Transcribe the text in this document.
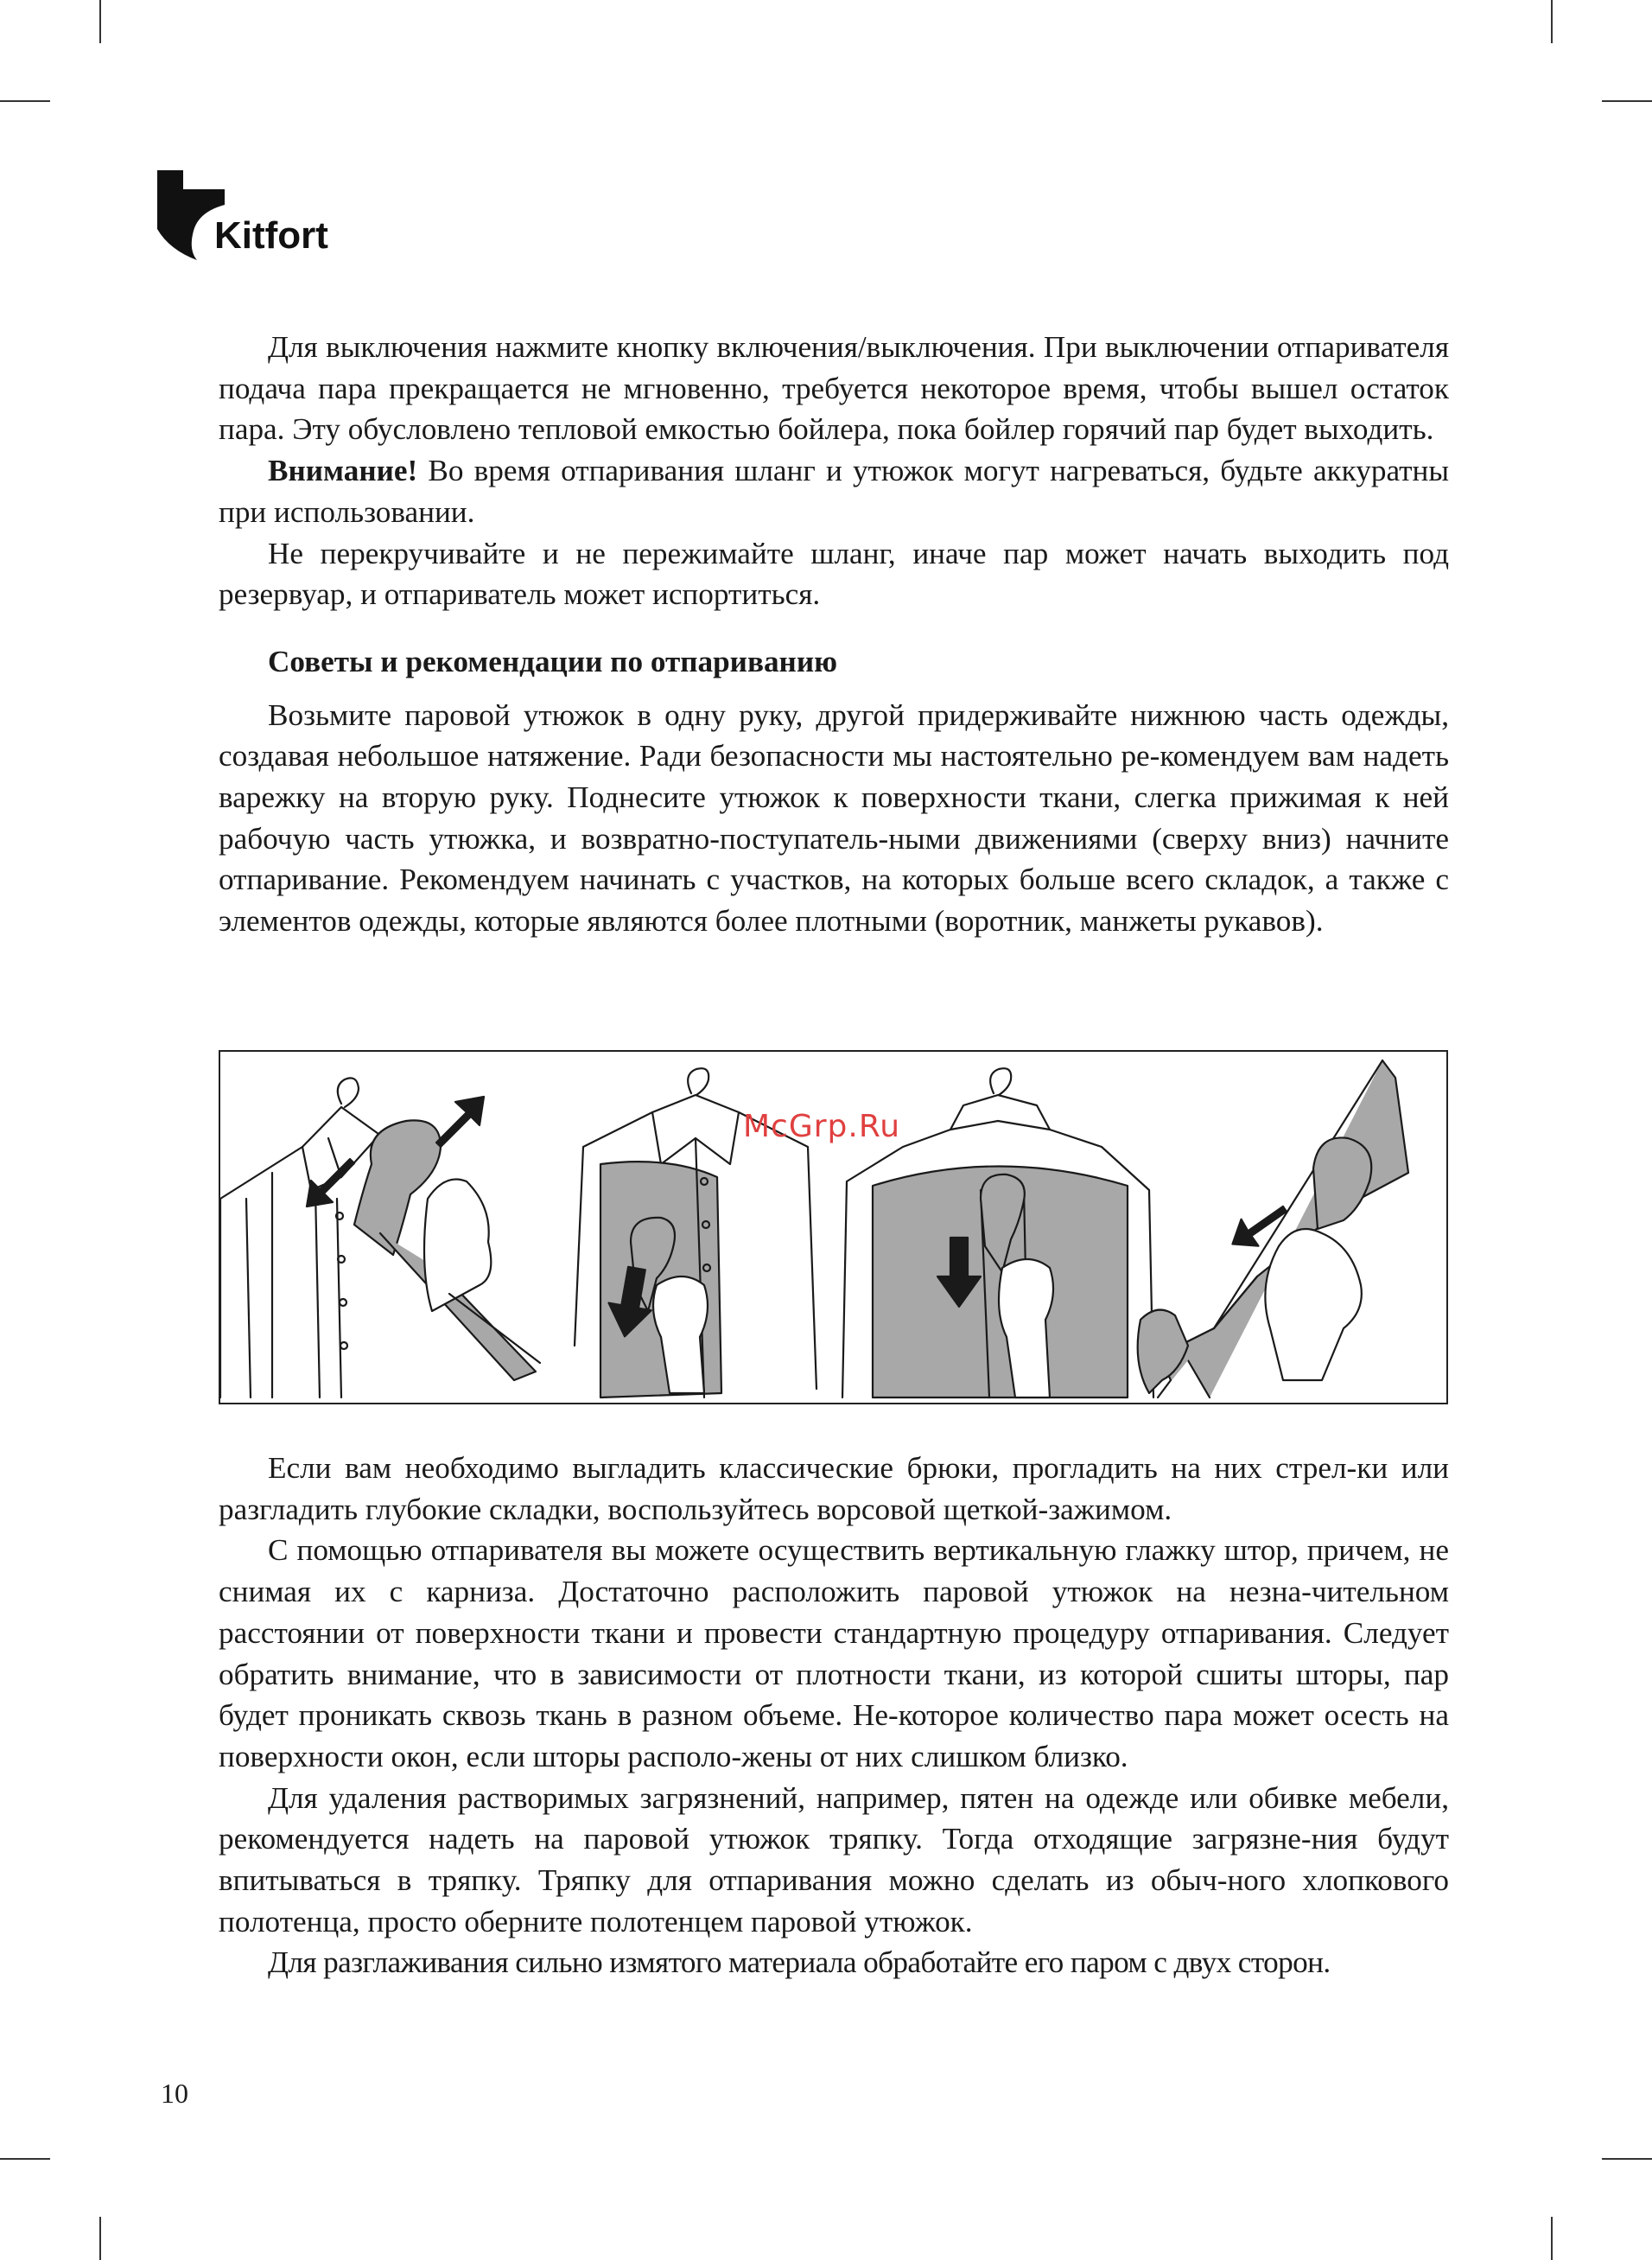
Kitfort

Для выключения нажмите кнопку включения/выключения. При выключении отпаривателя подача пара прекращается не мгновенно, требуется некоторое время, чтобы вышел остаток пара. Эту обусловлено тепловой емкостью бойлера, пока бойлер горячий пар будет выходить.

Внимание! Во время отпаривания шланг и утюжок могут нагреваться, будьте аккуратны при использовании.

Не перекручивайте и не пережимайте шланг, иначе пар может начать выходить под резервуар, и отпариватель может испортиться.

Советы и рекомендации по отпариванию

Возьмите паровой утюжок в одну руку, другой придерживайте нижнюю часть одежды, создавая небольшое натяжение. Ради безопасности мы настоятельно ре-комендуем вам надеть варежку на вторую руку. Поднесите утюжок к поверхности ткани, слегка прижимая к ней рабочую часть утюжка, и возвратно-поступатель-ными движениями (сверху вниз) начните отпаривание. Рекомендуем начинать с участков, на которых больше всего складок, а также с элементов одежды, которые являются более плотными (воротник, манжеты рукавов).

McGrp.Ru

Если вам необходимо выгладить классические брюки, прогладить на них стрел-ки или разгладить глубокие складки, воспользуйтесь ворсовой щеткой-зажимом.

С помощью отпаривателя вы можете осуществить вертикальную глажку штор, причем, не снимая их с карниза. Достаточно расположить паровой утюжок на незна-чительном расстоянии от поверхности ткани и провести стандартную процедуру отпаривания. Следует обратить внимание, что в зависимости от плотности ткани, из которой сшиты шторы, пар будет проникать сквозь ткань в разном объеме. Не-которое количество пара может осесть на поверхности окон, если шторы располо-жены от них слишком близко.

Для удаления растворимых загрязнений, например, пятен на одежде или обивке мебели, рекомендуется надеть на паровой утюжок тряпку. Тогда отходящие загрязне-ния будут впитываться в тряпку. Тряпку для отпаривания можно сделать из обыч-ного хлопкового полотенца, просто оберните полотенцем паровой утюжок.

Для разглаживания сильно измятого материала обработайте его паром с двух сторон.

10
